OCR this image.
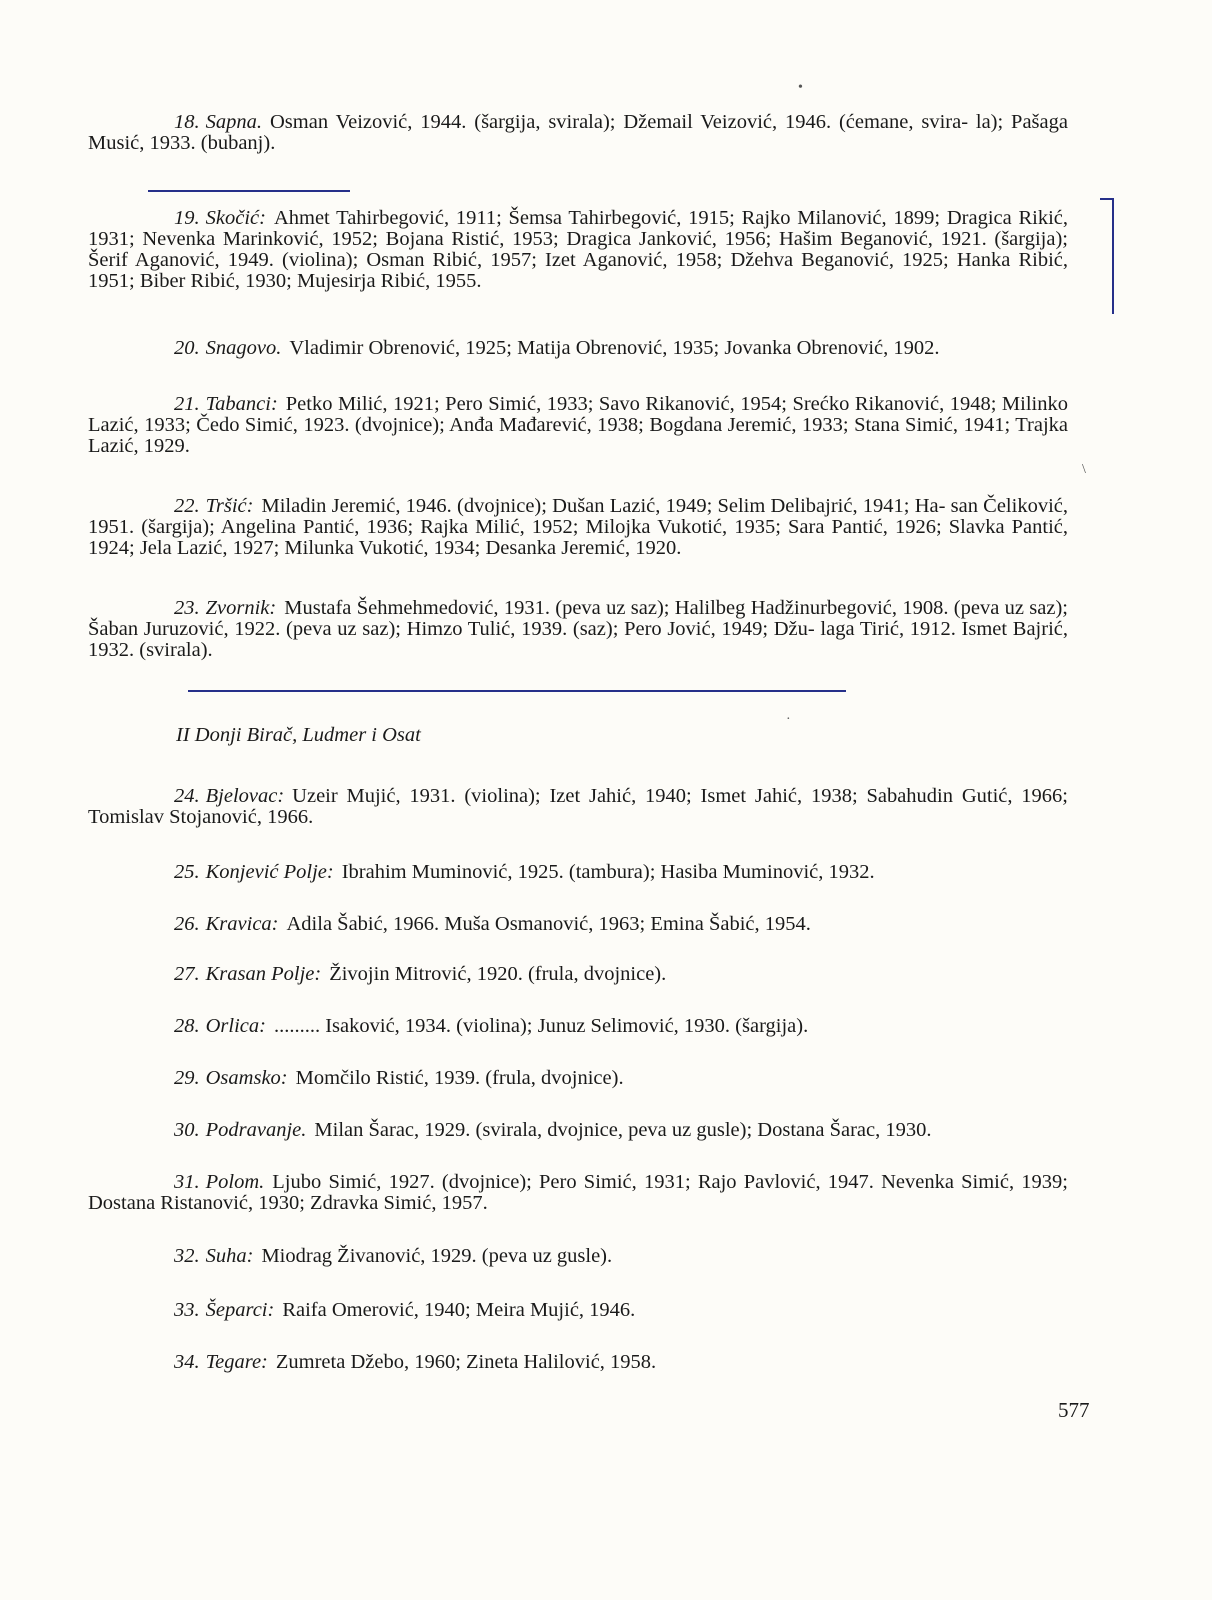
•

18. Sapna. Osman Veizović, 1944. (šargija, svirala); Džemail Veizović, 1946. (ćemane, svira- la); Pašaga Musić, 1933. (bubanj).

19. Skočić: Ahmet Tahirbegović, 1911; Šemsa Tahirbegović, 1915; Rajko Milanović, 1899; Dragica Rikić, 1931; Nevenka Marinković, 1952; Bojana Ristić, 1953; Dragica Janković, 1956; Hašim Beganović, 1921. (šargija); Šerif Aganović, 1949. (violina); Osman Ribić, 1957; Izet Aganović, 1958; Džehva Beganović, 1925; Hanka Ribić, 1951; Biber Ribić, 1930; Mujesirja Ribić, 1955.

20. Snagovo. Vladimir Obrenović, 1925; Matija Obrenović, 1935; Jovanka Obrenović, 1902.

21. Tabanci: Petko Milić, 1921; Pero Simić, 1933; Savo Rikanović, 1954; Srećko Rikanović, 1948; Milinko Lazić, 1933; Čedo Simić, 1923. (dvojnice); Anđa Mađarević, 1938; Bogdana Jeremić, 1933; Stana Simić, 1941; Trajka Lazić, 1929.

\

22. Tršić: Miladin Jeremić, 1946. (dvojnice); Dušan Lazić, 1949; Selim Delibajrić, 1941; Ha- san Čeliković, 1951. (šargija); Angelina Pantić, 1936; Rajka Milić, 1952; Milojka Vukotić, 1935; Sara Pantić, 1926; Slavka Pantić, 1924; Jela Lazić, 1927; Milunka Vukotić, 1934; Desanka Jeremić, 1920.

23. Zvornik: Mustafa Šehmehmedović, 1931. (peva uz saz); Halilbeg Hadžinurbegović, 1908. (peva uz saz); Šaban Juruzović, 1922. (peva uz saz); Himzo Tulić, 1939. (saz); Pero Jović, 1949; Džu- laga Tirić, 1912. Ismet Bajrić, 1932. (svirala).

II Donji Birač, Ludmer i Osat

·

24. Bjelovac: Uzeir Mujić, 1931. (violina); Izet Jahić, 1940; Ismet Jahić, 1938; Sabahudin Gutić, 1966; Tomislav Stojanović, 1966.

25. Konjević Polje: Ibrahim Muminović, 1925. (tambura); Hasiba Muminović, 1932.

26. Kravica: Adila Šabić, 1966. Muša Osmanović, 1963; Emina Šabić, 1954.

27. Krasan Polje: Živojin Mitrović, 1920. (frula, dvojnice).

28. Orlica: ......... Isaković, 1934. (violina); Junuz Selimović, 1930. (šargija).

29. Osamsko: Momčilo Ristić, 1939. (frula, dvojnice).

30. Podravanje. Milan Šarac, 1929. (svirala, dvojnice, peva uz gusle); Dostana Šarac, 1930.

31. Polom. Ljubo Simić, 1927. (dvojnice); Pero Simić, 1931; Rajo Pavlović, 1947. Nevenka Simić, 1939; Dostana Ristanović, 1930; Zdravka Simić, 1957.

32. Suha: Miodrag Živanović, 1929. (peva uz gusle).

33. Šeparci: Raifa Omerović, 1940; Meira Mujić, 1946.

34. Tegare: Zumreta Džebo, 1960; Zineta Halilović, 1958.

577
